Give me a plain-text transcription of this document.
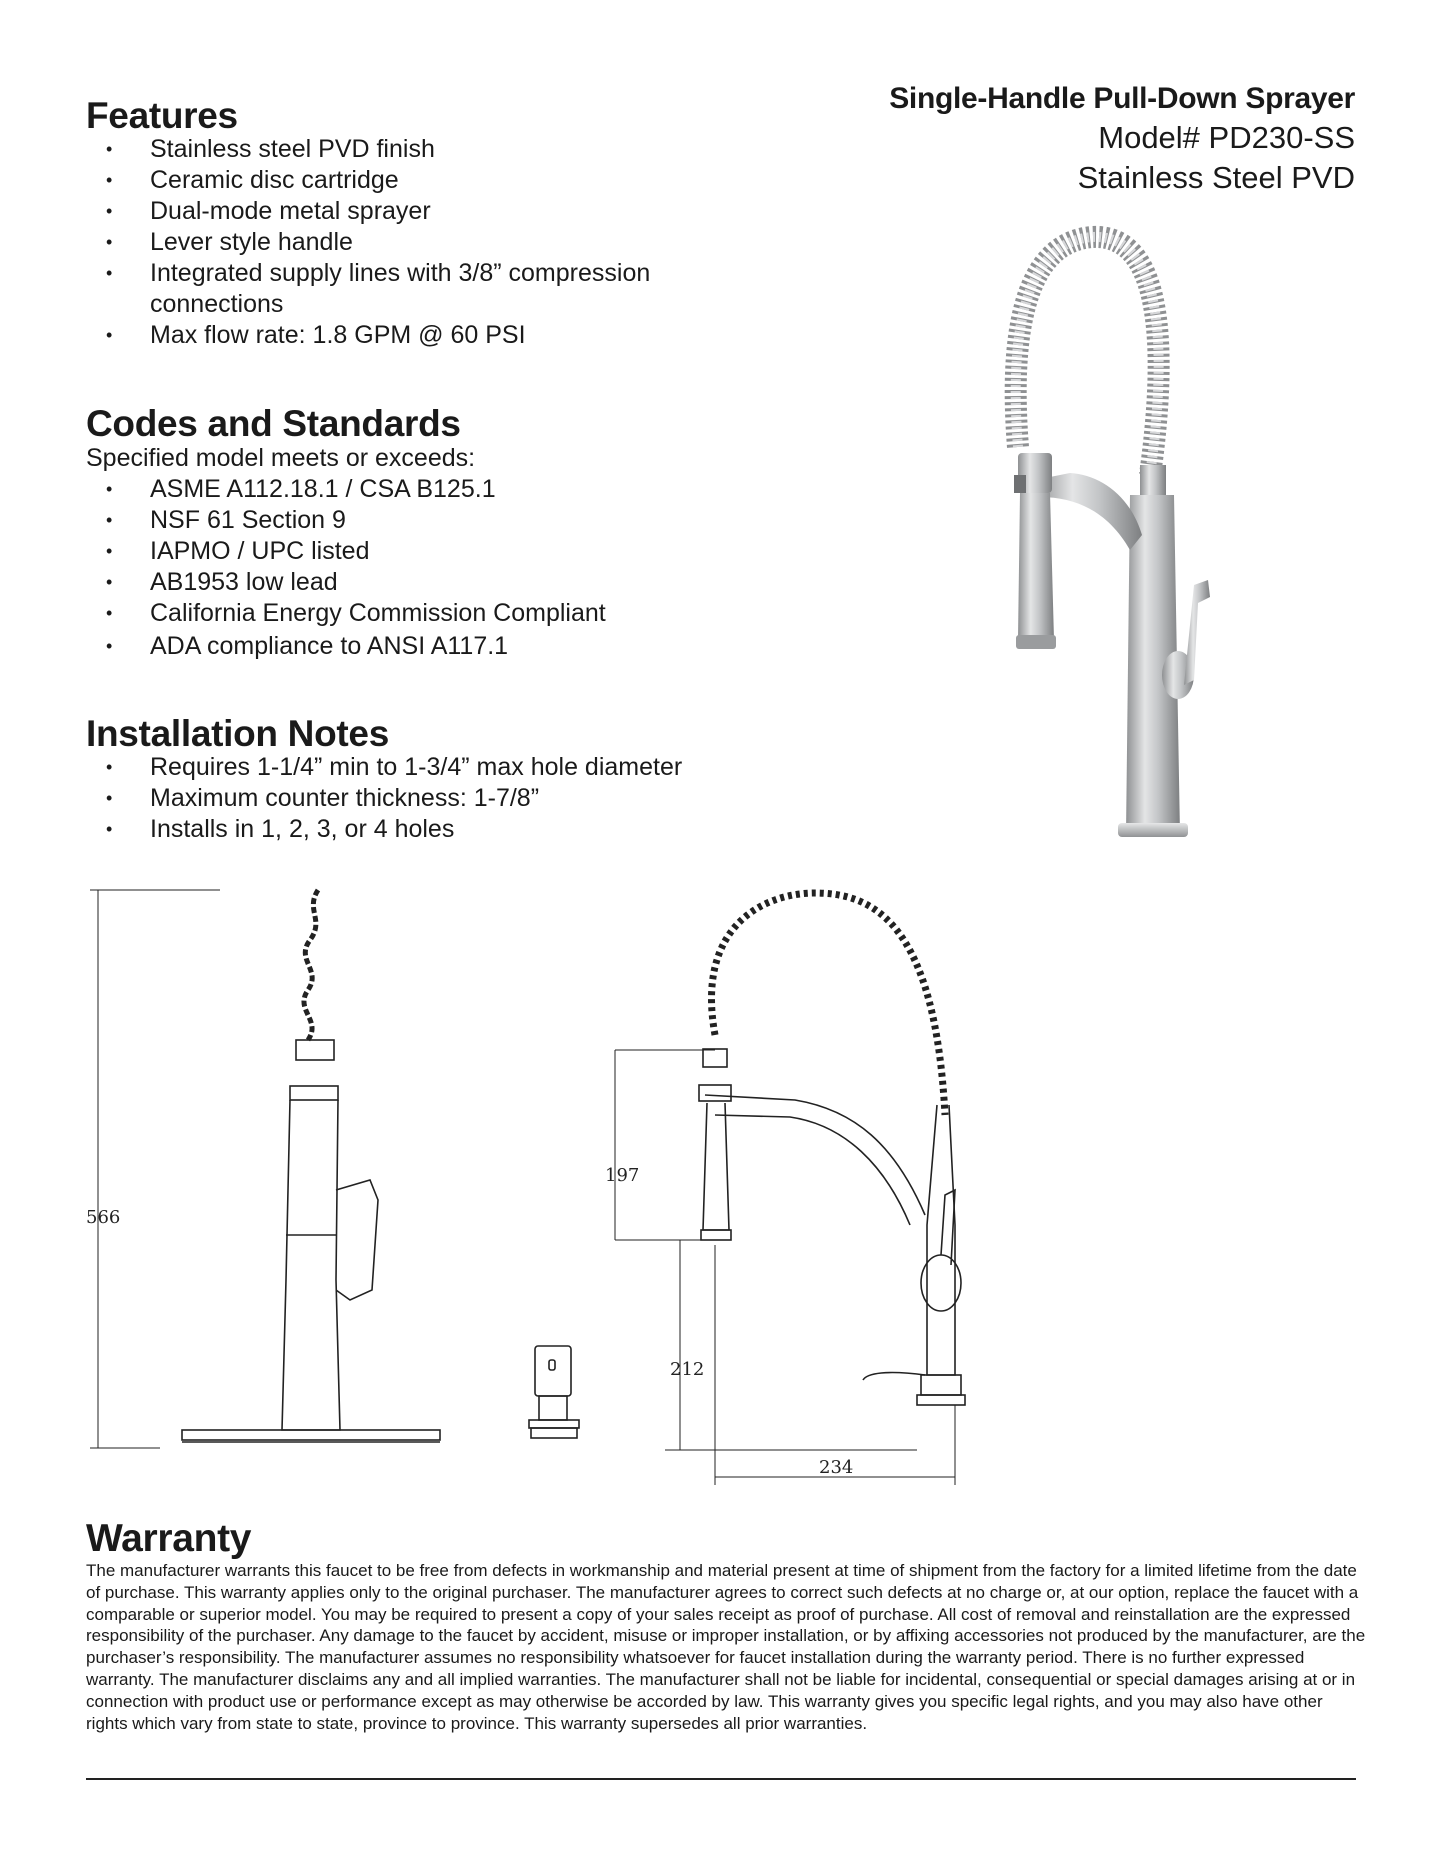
Single-Handle Pull-Down Sprayer
Model# PD230-SS
Stainless Steel PVD
Features
• Stainless steel PVD finish
• Ceramic disc cartridge
• Dual-mode metal sprayer
• Lever style handle
• Integrated supply lines with 3/8” compression connections
• Max flow rate: 1.8 GPM @ 60 PSI
Codes and Standards

Specified model meets or exceeds:

• ASME A112.18.1 / CSA B125.1
• NSF 61 Section 9
• IAPMO / UPC listed
• AB1953 low lead
• California Energy Commission Compliant
• ADA compliance to ANSI A117.1
Installation Notes
• Requires 1-1/4” min to 1-3/4” max hole diameter
• Maximum counter thickness: 1-7/8”
• Installs in 1, 2, 3, or 4 holes
566
197
212
234
Warranty

The manufacturer warrants this faucet to be free from defects in workmanship and material present at time of shipment from the factory for a limited lifetime from the date of purchase. This warranty applies only to the original purchaser. The manufacturer agrees to correct such defects at no charge or, at our option, replace the faucet with a comparable or superior model. You may be required to present a copy of your sales receipt as proof of purchase. All cost of removal and reinstallation are the expressed responsibility of the purchaser. Any damage to the faucet by accident, misuse or improper installation, or by affixing accessories not produced by the manufacturer, are the purchaser’s responsibility. The manufacturer assumes no responsibility whatsoever for faucet installation during the warranty period. There is no further expressed warranty. The manufacturer disclaims any and all implied warranties. The manufacturer shall not be liable for incidental, consequential or special damages arising at or in connection with product use or performance except as may otherwise be accorded by law. This warranty gives you specific legal rights, and you may also have other rights which vary from state to state, province to province. This warranty supersedes all prior warranties.
